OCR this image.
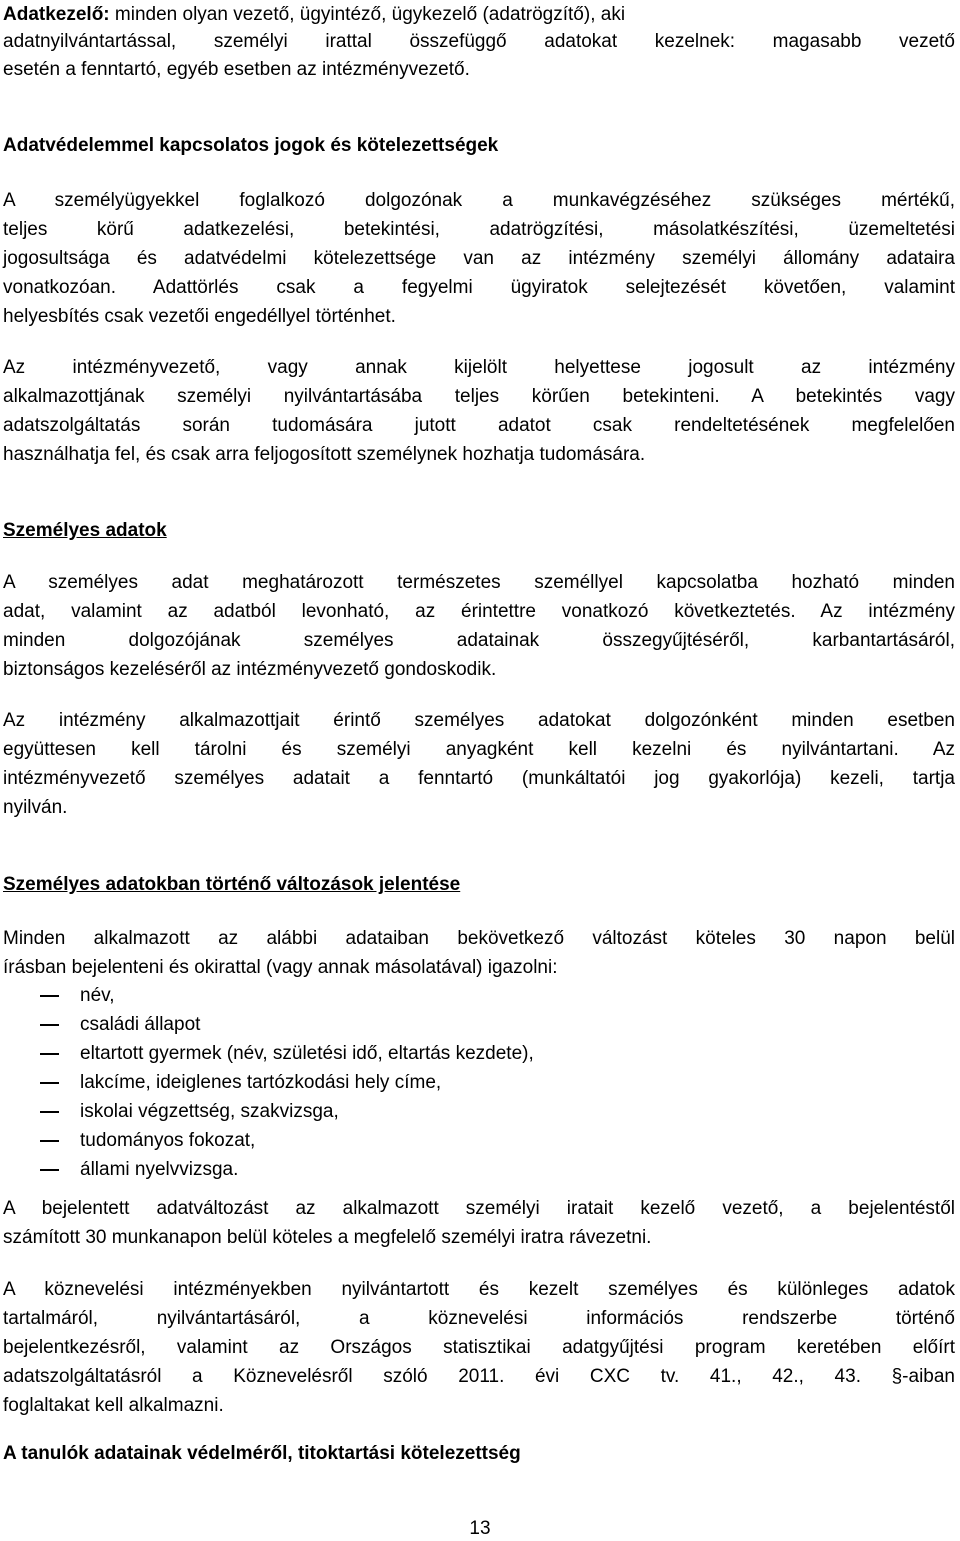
Adatkezelő: minden olyan vezető, ügyintéző, ügykezelő (adatrögzítő), aki

adatnyilvántartással, személyi irattal összefüggő adatokat kezelnek: magasabb vezető

esetén a fenntartó, egyéb esetben az intézményvezető.

Adatvédelemmel kapcsolatos jogok és kötelezettségek

A személyügyekkel foglalkozó dolgozónak a munkavégzéséhez szükséges mértékű,

teljes körű adatkezelési, betekintési, adatrögzítési, másolatkészítési, üzemeltetési

jogosultsága és adatvédelmi kötelezettsége van az intézmény személyi állomány adataira

vonatkozóan. Adattörlés csak a fegyelmi ügyiratok selejtezését követően, valamint

helyesbítés csak vezetői engedéllyel történhet.

Az intézményvezető, vagy annak kijelölt helyettese jogosult az intézmény

alkalmazottjának személyi nyilvántartásába teljes körűen betekinteni. A betekintés vagy

adatszolgáltatás során tudomására jutott adatot csak rendeltetésének megfelelően

használhatja fel, és csak arra feljogosított személynek hozhatja tudomására.

Személyes adatok

A személyes adat meghatározott természetes személlyel kapcsolatba hozható minden

adat, valamint az adatból levonható, az érintettre vonatkozó következtetés. Az intézmény

minden dolgozójának személyes adatainak összegyűjtéséről, karbantartásáról,

biztonságos kezeléséről az intézményvezető gondoskodik.

Az intézmény alkalmazottjait érintő személyes adatokat dolgozónként minden esetben

együttesen kell tárolni és személyi anyagként kell kezelni és nyilvántartani. Az

intézményvezető személyes adatait a fenntartó (munkáltatói jog gyakorlója) kezeli, tartja

nyilván.

Személyes adatokban történő változások jelentése

Minden alkalmazott az alábbi adataiban bekövetkező változást köteles 30 napon belül

írásban bejelenteni és okirattal (vagy annak másolatával) igazolni:

név,
családi állapot
eltartott gyermek (név, születési idő, eltartás kezdete),
lakcíme, ideiglenes tartózkodási hely címe,
iskolai végzettség, szakvizsga,
tudományos fokozat,
állami nyelvvizsga.

A bejelentett adatváltozást az alkalmazott személyi iratait kezelő vezető, a bejelentéstől

számított 30 munkanapon belül köteles a megfelelő személyi iratra rávezetni.

A köznevelési intézményekben nyilvántartott és kezelt személyes és különleges adatok

tartalmáról, nyilvántartásáról, a köznevelési információs rendszerbe történő

bejelentkezésről, valamint az Országos statisztikai adatgyűjtési program keretében előírt

adatszolgáltatásról a Köznevelésről szóló 2011. évi CXC tv. 41., 42., 43. §-aiban

foglaltakat kell alkalmazni.

A tanulók adatainak védelméről, titoktartási kötelezettség

13
